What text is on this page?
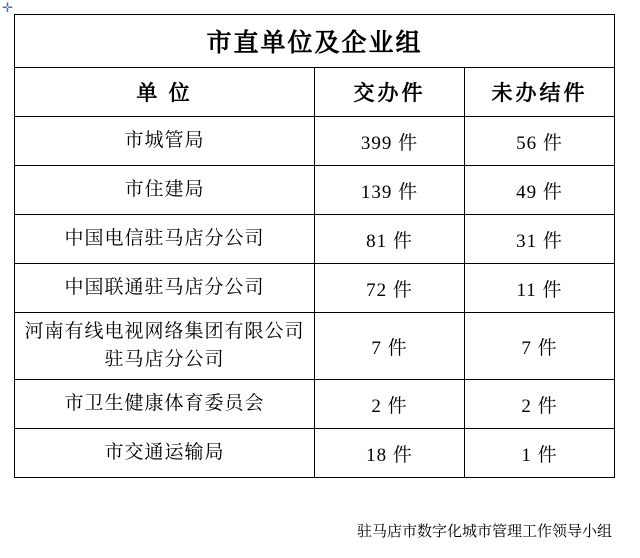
✛
市直单位及企业组		
单 位	交办件	未办结件
市城管局	399 件	56 件
市住建局	139 件	49 件
中国电信驻马店分公司	81 件	31 件
中国联通驻马店分公司	72 件	11 件
河南有线电视网络集团有限公司驻马店分公司	7 件	7 件
市卫生健康体育委员会	2 件	2 件
市交通运输局	18 件	1 件
驻马店市数字化城市管理工作领导小组
